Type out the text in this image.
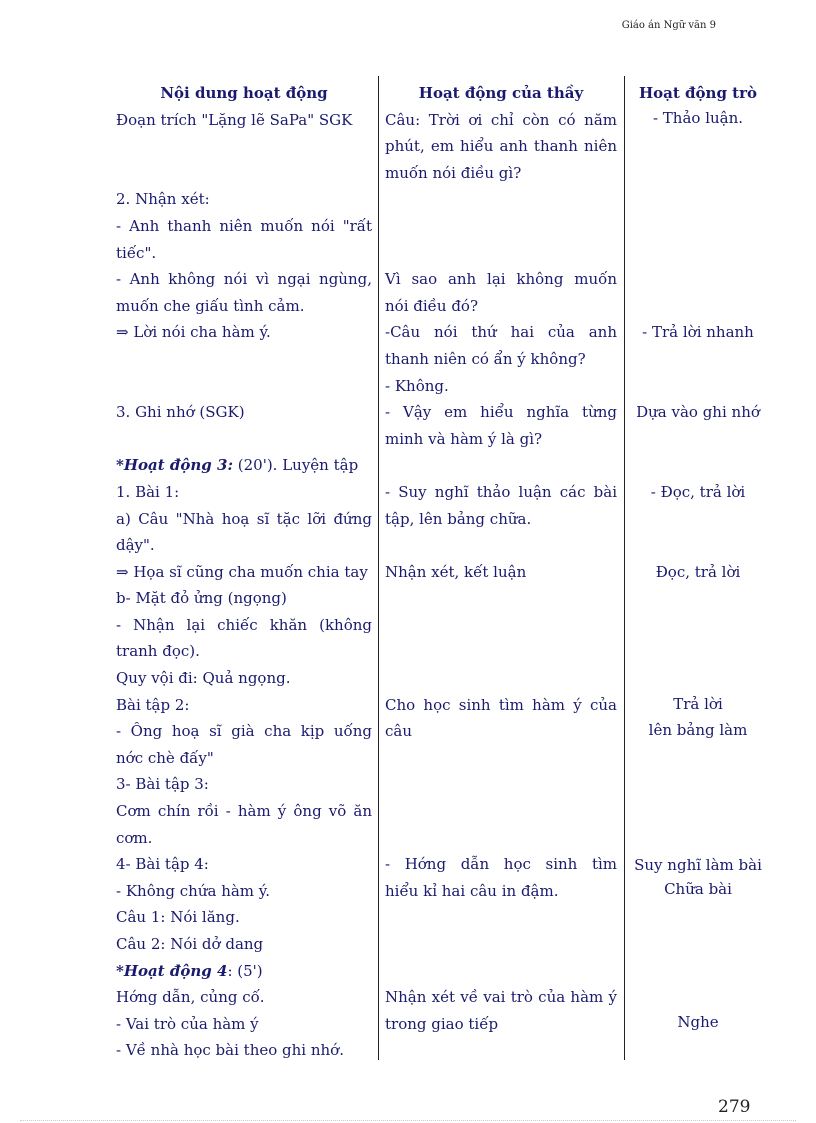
Giáo án Ngữ văn 9
Nội dung hoạt động
Đoạn trích "Lặng lẽ SaPa" SGK
2. Nhận xét:
- Anh thanh niên muốn nói "rất
tiếc".
- Anh không nói vì ngại ngùng,
muốn che giấu tình cảm.
⇒ Lời nói cha hàm ý.
3. Ghi nhớ (SGK)
*Hoạt động 3: (20'). Luyện tập
1. Bài 1:
a) Câu "Nhà hoạ sĩ tặc lỡi đứng
dậy".
⇒ Họa sĩ cũng cha muốn chia tay
b- Mặt đỏ ửng (ngọng)
- Nhận lại chiếc khăn (không
tranh đọc).
Quy vội đi: Quả ngọng.
Bài tập 2:
- Ông hoạ sĩ già cha kịp uống
nớc chè đấy"
3- Bài tập 3:
Cơm chín rồi - hàm ý ông võ ăn
cơm.
4- Bài tập 4:
- Không chứa hàm ý.
Câu 1: Nói lăng.
Câu 2: Nói dở dang
*Hoạt động 4: (5')
Hớng dẫn, củng cố.
- Vai trò của hàm ý
- Về nhà học bài theo ghi nhớ.
Hoạt động của thầy
Câu: Trời ơi chỉ còn có năm
phút, em hiểu anh thanh niên
muốn nói điều gì?
Vì sao anh lại không muốn
nói điều đó?
-Câu nói thứ hai của anh
thanh niên có ẩn ý không?
- Không.
- Vậy em hiểu nghĩa từng
minh và hàm ý là gì?
- Suy nghĩ thảo luận các bài
tập, lên bảng chữa.
Nhận xét, kết luận
Cho học sinh tìm hàm ý của
câu
- Hớng dẫn học sinh tìm
hiểu kỉ hai câu in đậm.
Nhận xét về vai trò của hàm ý
trong giao tiếp
Hoạt động trò
- Thảo luận.
- Trả lời nhanh
Dựa vào ghi nhớ
- Đọc, trả lời
Đọc, trả lời
Trả lời
lên bảng làm
Suy nghĩ làm bài
Chữa bài
Nghe
279
